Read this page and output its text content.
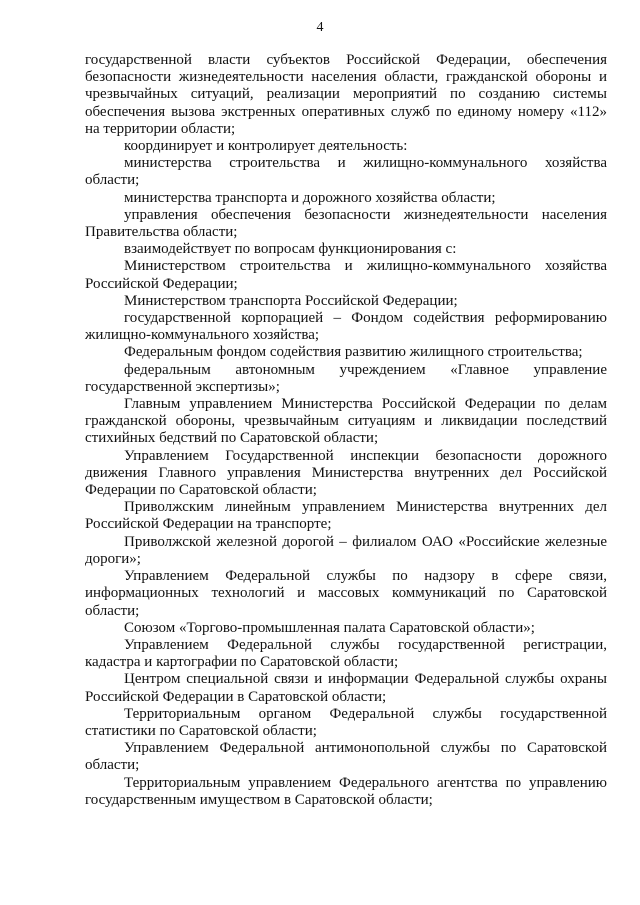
4

государственной власти субъектов Российской Федерации, обеспечения безопасности жизнедеятельности населения области, гражданской обороны и чрезвычайных ситуаций, реализации мероприятий по созданию системы обеспечения вызова экстренных оперативных служб по единому номеру «112» на территории области;

координирует и контролирует деятельность:

министерства строительства и жилищно-коммунального хозяйства области;

министерства транспорта и дорожного хозяйства области;

управления обеспечения безопасности жизнедеятельности населения Правительства области;

взаимодействует по вопросам функционирования с:

Министерством строительства и жилищно-коммунального хозяйства Российской Федерации;

Министерством транспорта Российской Федерации;

государственной корпорацией – Фондом содействия реформированию жилищно-коммунального хозяйства;

Федеральным фондом содействия развитию жилищного строительства;

федеральным автономным учреждением «Главное управление государственной экспертизы»;

Главным управлением Министерства Российской Федерации по делам гражданской обороны, чрезвычайным ситуациям и ликвидации последствий стихийных бедствий по Саратовской области;

Управлением Государственной инспекции безопасности дорожного движения Главного управления Министерства внутренних дел Российской Федерации по Саратовской области;

Приволжским линейным управлением Министерства внутренних дел Российской Федерации на транспорте;

Приволжской железной дорогой – филиалом ОАО «Российские железные дороги»;

Управлением Федеральной службы по надзору в сфере связи, информационных технологий и массовых коммуникаций по Саратовской области;

Союзом «Торгово-промышленная палата Саратовской области»;

Управлением Федеральной службы государственной регистрации, кадастра и картографии по Саратовской области;

Центром специальной связи и информации Федеральной службы охраны Российской Федерации в Саратовской области;

Территориальным органом Федеральной службы государственной статистики по Саратовской области;

Управлением Федеральной антимонопольной службы по Саратовской области;

Территориальным управлением Федерального агентства по управлению государственным имуществом в Саратовской области;
